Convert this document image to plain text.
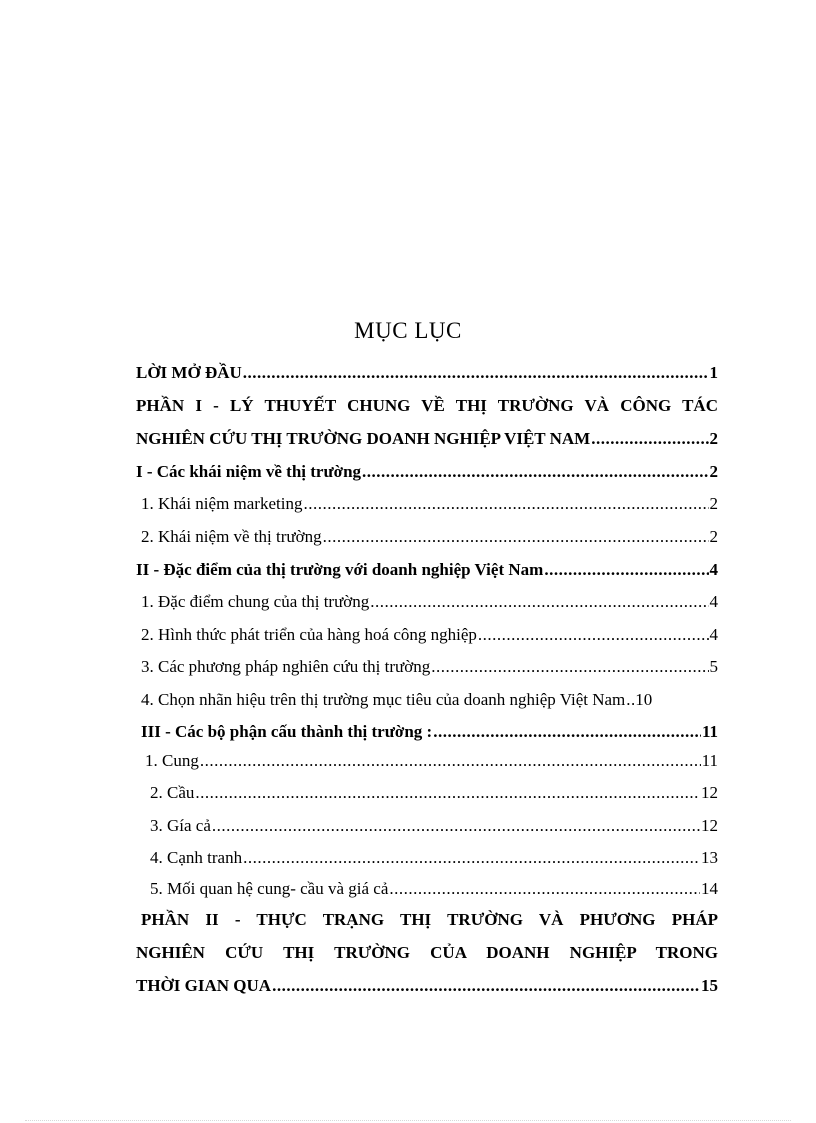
MỤC LỤC
LỜI MỞ ĐẦU .....	1
PHẦN I - LÝ THUYẾT CHUNG VỀ THỊ TRƯỜNG VÀ CÔNG TÁC
NGHIÊN CỨU THỊ TRƯỜNG DOANH NGHIỆP VIỆT NAM .....	2
I - Các khái niệm về thị trường .....	2
1. Khái niệm marketing .....	2
2. Khái niệm về thị trường .....	2
II - Đặc điểm của thị trường với doanh nghiệp Việt Nam .....	4
1. Đặc điểm chung của thị trường .....	4
2. Hình thức phát triển của hàng hoá công nghiệp .....	4
3. Các phương pháp nghiên cứu thị trường .....	5
4. Chọn nhãn hiệu trên thị trường mục tiêu của doanh nghiệp Việt Nam ..... 10
III - Các bộ phận cấu thành thị trường : .....	11
1. Cung .....	11
2. Cầu .....	12
3. Gía cả .....	12
4. Cạnh tranh .....	13
5. Mối quan hệ cung- cầu và giá cả .....	14
PHẦN II - THỰC TRẠNG THỊ TRƯỜNG VÀ PHƯƠNG PHÁP
NGHIÊN CỨU THỊ TRƯỜNG CỦA DOANH NGHIỆP TRONG
THỜI GIAN QUA .....	15
